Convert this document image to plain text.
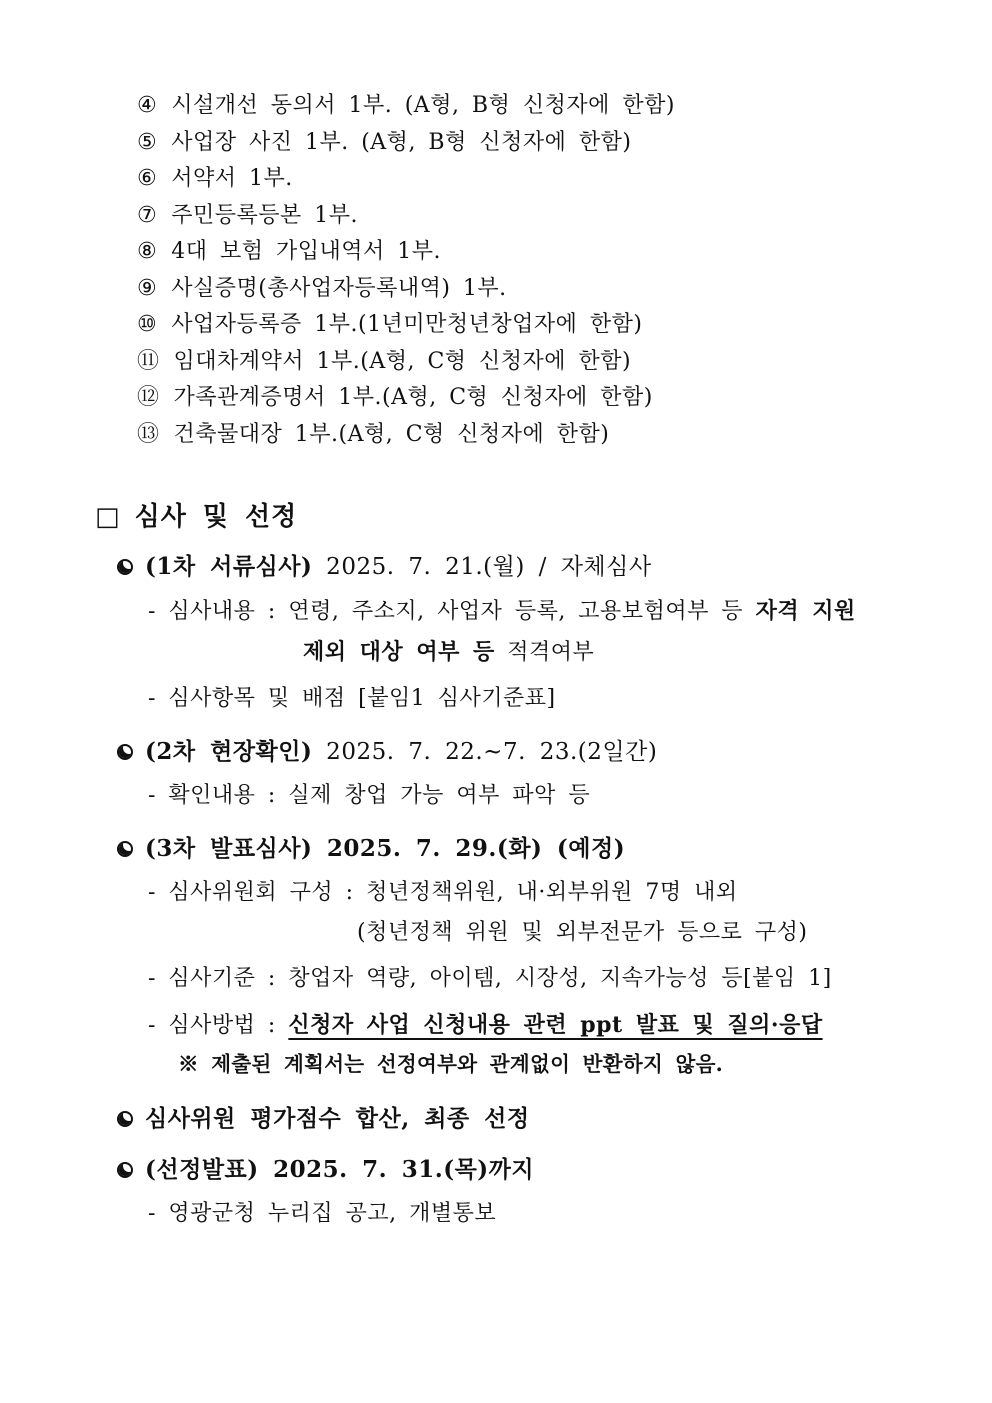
④ 시설개선 동의서 1부. (A형, B형 신청자에 한함)
⑤ 사업장 사진 1부. (A형, B형 신청자에 한함)
⑥ 서약서 1부.
⑦ 주민등록등본 1부.
⑧ 4대 보험 가입내역서 1부.
⑨ 사실증명(총사업자등록내역) 1부.
⑩ 사업자등록증 1부.(1년미만청년창업자에 한함)
⑪ 임대차계약서 1부.(A형, C형 신청자에 한함)
⑫ 가족관계증명서 1부.(A형, C형 신청자에 한함)
⑬ 건축물대장 1부.(A형, C형 신청자에 한함)
□ 심사 및 선정
(1차 서류심사) 2025. 7. 21.(월) / 자체심사
- 심사내용 : 연령, 주소지, 사업자 등록, 고용보험여부 등 자격 지원
제외 대상 여부 등 적격여부
- 심사항목 및 배점 [붙임1 심사기준표]
(2차 현장확인) 2025. 7. 22.~7. 23.(2일간)
- 확인내용 : 실제 창업 가능 여부 파악 등
(3차 발표심사) 2025. 7. 29.(화) (예정)
- 심사위원회 구성 : 청년정책위원, 내·외부위원 7명 내외
(청년정책 위원 및 외부전문가 등으로 구성)
- 심사기준 : 창업자 역량, 아이템, 시장성, 지속가능성 등[붙임 1]
- 심사방법 : 신청자 사업 신청내용 관련 ppt 발표 및 질의·응답
※ 제출된 계획서는 선정여부와 관계없이 반환하지 않음.
심사위원 평가점수 합산, 최종 선정
(선정발표) 2025. 7. 31.(목)까지
- 영광군청 누리집 공고, 개별통보
